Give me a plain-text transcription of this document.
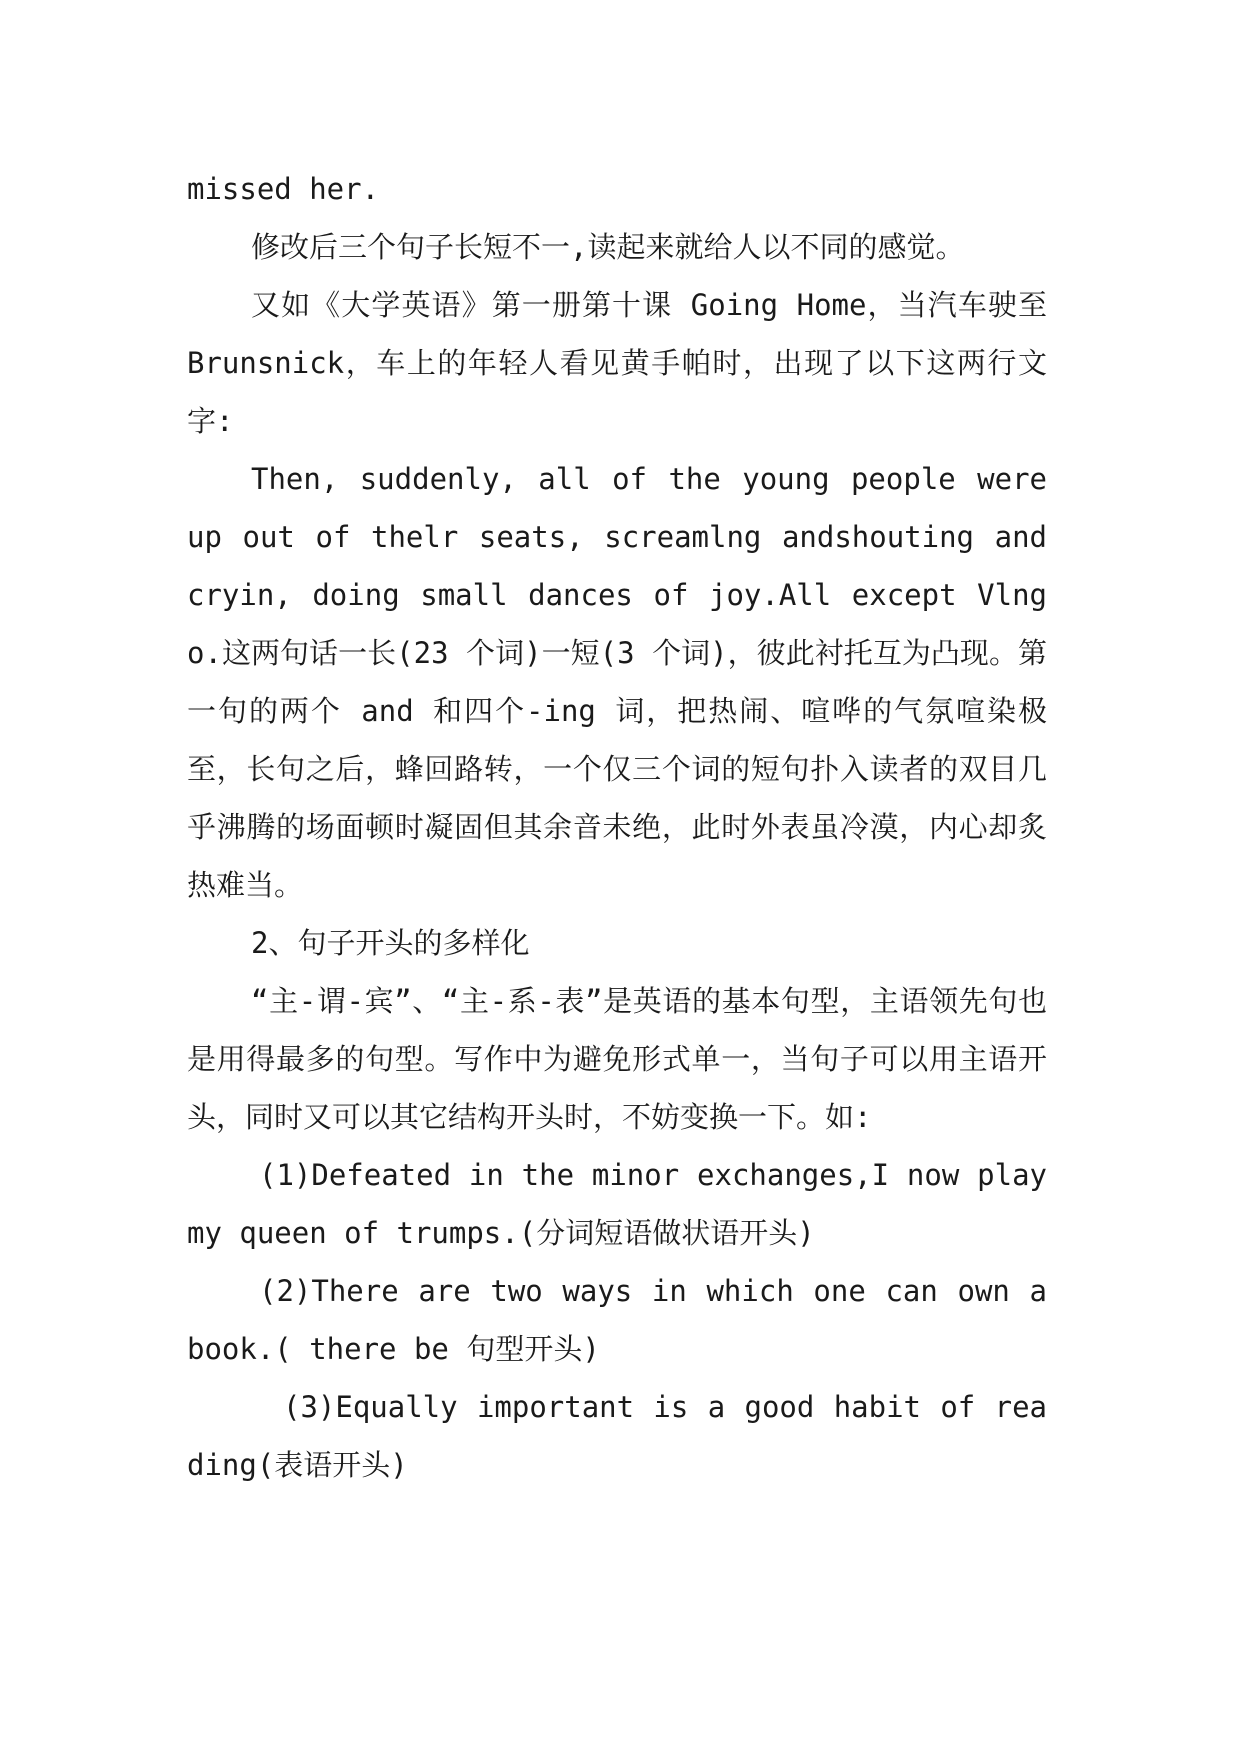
missed her.

修改后三个句子长短不一,读起来就给人以不同的感觉。

又如《大学英语》第一册第十课 Going Home，当汽车驶至 Brunsnick，车上的年轻人看见黄手帕时，出现了以下这两行文字:

Then, suddenly, all of the young people were up out of thelr seats, screamlng andshouting and cryin, doing small dances of joy.All except Vlngo.这两句话一长(23 个词)一短(3 个词)，彼此衬托互为凸现。第一句的两个 and 和四个-ing 词，把热闹、喧哗的气氛喧染极至，长句之后，蜂回路转，一个仅三个词的短句扑入读者的双目几乎沸腾的场面顿时凝固但其余音未绝，此时外表虽冷漠，内心却炙热难当。

2、句子开头的多样化

“主-谓-宾”、“主-系-表”是英语的基本句型，主语领先句也是用得最多的句型。写作中为避免形式单一，当句子可以用主语开头，同时又可以其它结构开头时，不妨变换一下。如:

(1)Defeated in the minor exchanges,I now play my queen of trumps.(分词短语做状语开头)

(2)There are two ways in which one can own a book.( there be 句型开头)

(3)Equally important is a good habit of reading(表语开头)
